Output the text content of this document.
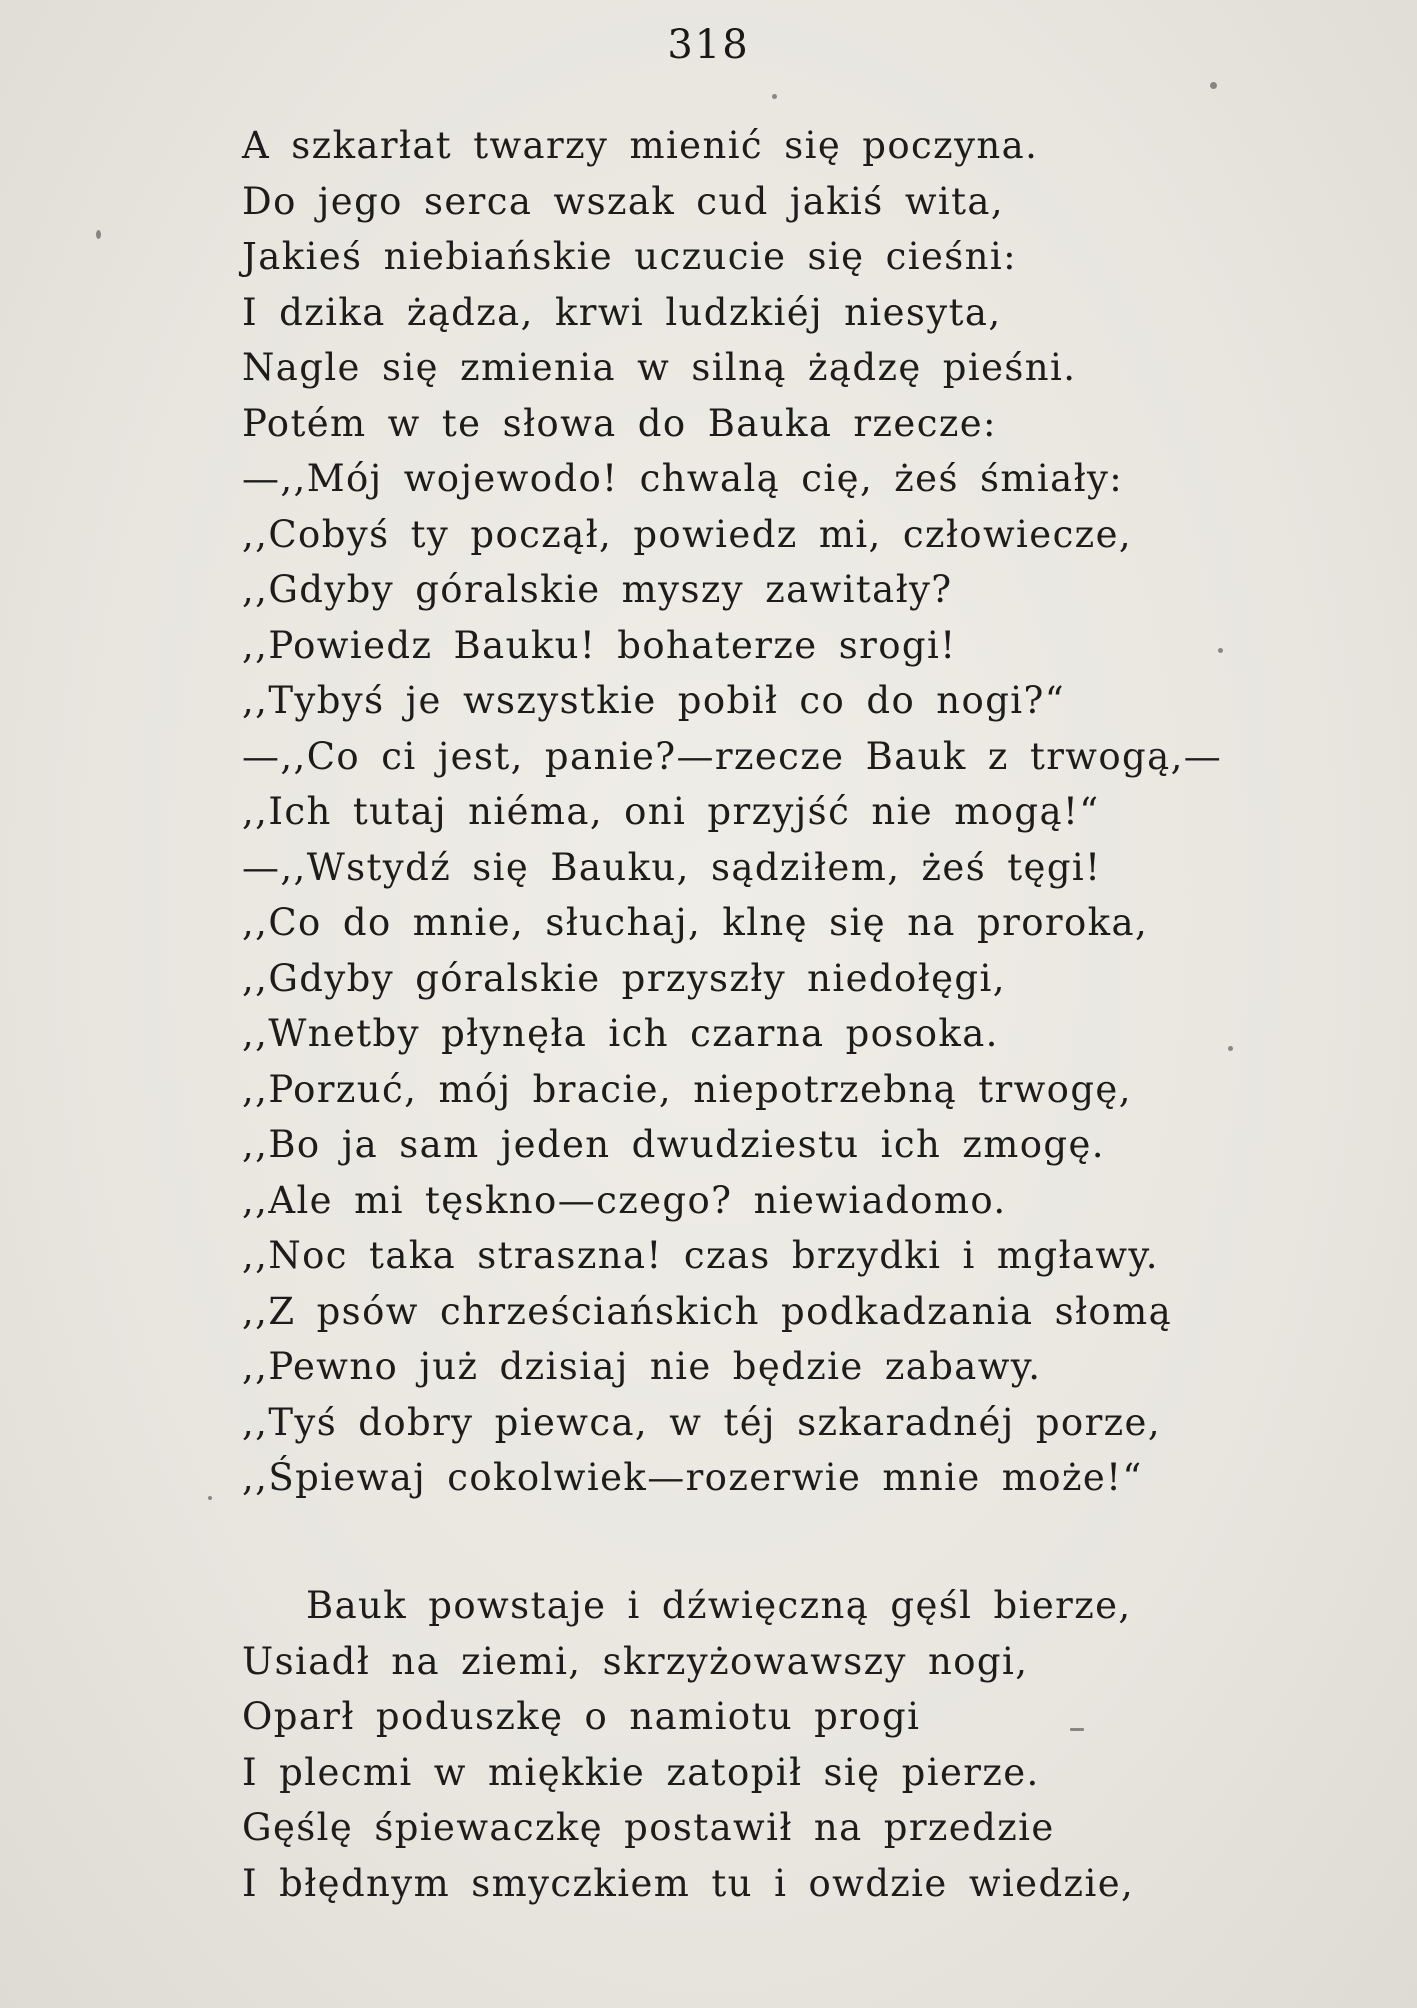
318
A szkarłat twarzy mienić się poczyna.
Do jego serca wszak cud jakiś wita,
Jakieś niebiańskie uczucie się cieśni:
I dzika żądza, krwi ludzkiéj niesyta,
Nagle się zmienia w silną żądzę pieśni.
Potém w te słowa do Bauka rzecze:
—,,Mój wojewodo! chwalą cię, żeś śmiały:
,,Cobyś ty począł, powiedz mi, człowiecze,
,,Gdyby góralskie myszy zawitały?
,,Powiedz Bauku! bohaterze srogi!
,,Tybyś je wszystkie pobił co do nogi?“
—,,Co ci jest, panie?—rzecze Bauk z trwogą,—
,,Ich tutaj niéma, oni przyjść nie mogą!“
—,,Wstydź się Bauku, sądziłem, żeś tęgi!
,,Co do mnie, słuchaj, klnę się na proroka,
,,Gdyby góralskie przyszły niedołęgi,
,,Wnetby płynęła ich czarna posoka.
,,Porzuć, mój bracie, niepotrzebną trwogę,
,,Bo ja sam jeden dwudziestu ich zmogę.
,,Ale mi tęskno—czego? niewiadomo.
,,Noc taka straszna! czas brzydki i mgławy.
,,Z psów chrześciańskich podkadzania słomą
,,Pewno już dzisiaj nie będzie zabawy.
,,Tyś dobry piewca, w téj szkaradnéj porze,
,,Śpiewaj cokolwiek—rozerwie mnie może!“
Bauk powstaje i dźwięczną gęśl bierze,
Usiadł na ziemi, skrzyżowawszy nogi,
Oparł poduszkę o namiotu progi
I plecmi w miękkie zatopił się pierze.
Gęślę śpiewaczkę postawił na przedzie
I błędnym smyczkiem tu i owdzie wiedzie,
